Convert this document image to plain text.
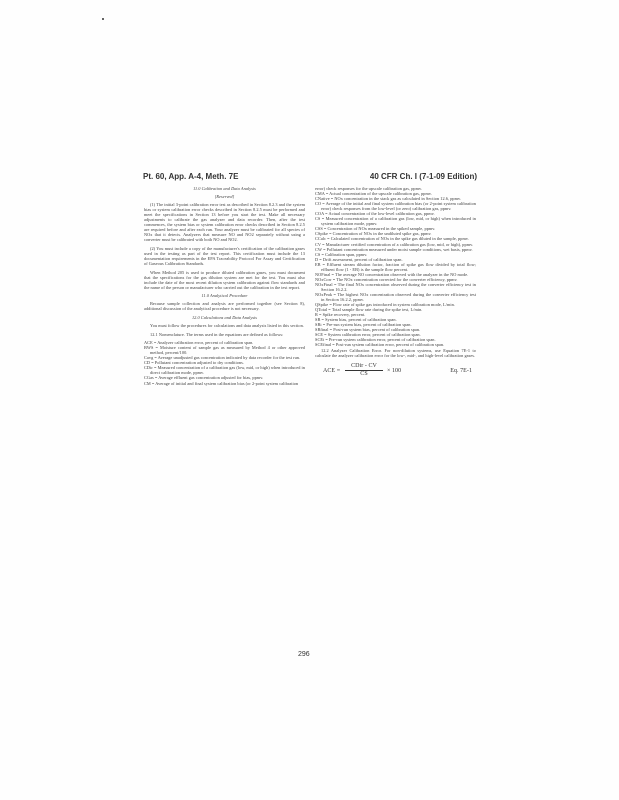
Pt. 60, App. A-4, Meth. 7E	40 CFR Ch. I (7-1-09 Edition)
11.0 Calibration and Data Analysis
[Reserved]

(1) The initial 3-point calibration error test as described in Section 8.2.3 and the system bias or system calibration error checks described in Section 8.2.5 must be performed and meet the specifications in Section 13 before you start the test. Make all necessary adjustments to calibrate the gas analyzer and data recorder. Then, after the test commences, the system bias or system calibration error checks described in Section 8.2.5 are required before and after each run. Your analyzer must be calibrated for all species of NOx that it detects. Analyzers that measure NO and NO2 separately without using a converter must be calibrated with both NO and NO2.

(2) You must include a copy of the manufacturer's certification of the calibration gases used in the testing as part of the test report. This certification must include the 13 documentation requirements in the EPA Traceability Protocol For Assay and Certification of Gaseous Calibration Standards.

When Method 205 is used to produce diluted calibration gases, you must document that the specifications for the gas dilution system are met for the test. You must also include the date of the most recent dilution system calibration against flow standards and the name of the person or manufacturer who carried out the calibration in the test report.

11.0 Analytical Procedure

Because sample collection and analysis are performed together (see Section 8), additional discussion of the analytical procedure is not necessary.

12.0 Calculations and Data Analysis

You must follow the procedures for calculations and data analysis listed in this section.

12.1 Nomenclature. The terms used in the equations are defined as follows:

ACE = Analyzer calibration error, percent of calibration span.

BWS = Moisture content of sample gas as measured by Method 4 or other approved method, percent/100.

Cavg = Average unadjusted gas concentration indicated by data recorder for the test run.

CD = Pollutant concentration adjusted to dry conditions.

CDir = Measured concentration of a calibration gas (low, mid, or high) when introduced in direct calibration mode, ppmv.

CGas = Average effluent gas concentration adjusted for bias, ppmv.

CM = Average of initial and final system calibration bias (or 2-point system calibration

error) check responses for the upscale calibration gas, ppmv.

CMA = Actual concentration of the upscale calibration gas, ppmv.

CNative = NOx concentration in the stack gas as calculated in Section 12.6, ppmv.

CO = Average of the initial and final system calibration bias (or 2-point system calibration error) check responses from the low-level (or zero) calibration gas, ppmv.

COA = Actual concentration of the low-level calibration gas, ppmv.

CS = Measured concentration of a calibration gas (low, mid, or high) when introduced in system calibration mode, ppmv.

CSS = Concentration of NOx measured in the spiked sample, ppmv.

CSpike = Concentration of NOx in the undiluted spike gas, ppmv.

CCalc = Calculated concentration of NOx in the spike gas diluted in the sample, ppmv.

CV = Manufacturer certified concentration of a calibration gas (low, mid, or high), ppmv.

CW = Pollutant concentration measured under moist sample conditions, wet basis, ppmv.

CS = Calibration span, ppmv.

D = Drift assessment, percent of calibration span.

EB = Effluent stream dilution factor, fraction of spike gas flow divided by total flow; effluent flow (1 - EB) is the sample flow percent.

NOFinal = The average NO concentration observed with the analyzer in the NO mode.

NOxCorr = The NOx concentration corrected for the converter efficiency, ppmv.

NOxFinal = The final NOx concentration observed during the converter efficiency test in Section 16.2.2.

NOxPeak = The highest NOx concentration observed during the converter efficiency test in Section 16.2.2, ppmv.

QSpike = Flow rate of spike gas introduced in system calibration mode, L/min.

QTotal = Total sample flow rate during the spike test, L/min.

R = Spike recovery, percent.

SB = System bias, percent of calibration span.

SBi = Pre-run system bias, percent of calibration span.

SBfinal = Post-run system bias, percent of calibration span.

SCE = System calibration error, percent of calibration span.

SCEi = Pre-run system calibration error, percent of calibration span.

SCEfinal = Post-run system calibration error, percent of calibration span.

12.2 Analyzer Calibration Error. For non-dilution systems, use Equation 7E-1 to calculate the analyzer calibration error for the low-, mid-, and high-level calibration gases.

ACE =
CDir - CV
CS
× 100	Eq. 7E-1
296
